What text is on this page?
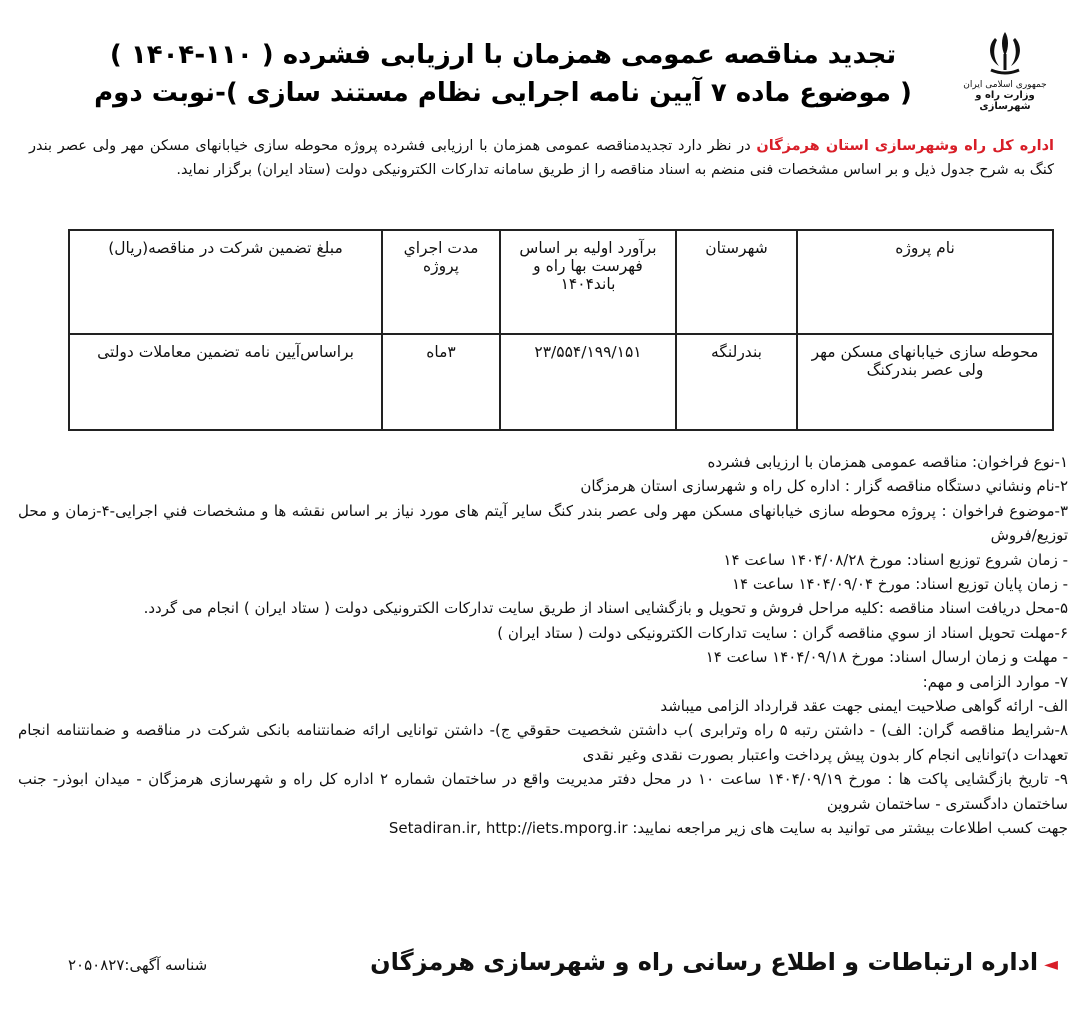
جمهوری اسلامی ایران
وزارت راه و شهرسازی
تجدید مناقصه عمومی همزمان با ارزیابی فشرده ( ۱۱۰-۱۴۰۴ )
( موضوع ماده ۷ آیین نامه اجرایی نظام مستند سازی )-نوبت دوم
اداره کل راه وشهرسازی استان هرمزگان در نظر دارد تجدیدمناقصه عمومی همزمان با ارزیابی فشرده پروژه محوطه سازی خیابانهای مسکن مهر ولی عصر بندر کنگ به شرح جدول ذیل و بر اساس مشخصات فنی منضم به اسناد مناقصه را از طریق سامانه تدارکات الکترونیکی دولت (ستاد ایران) برگزار نماید.
نام پروژه	شهرستان	برآورد اولیه بر اساس فهرست بها راه و باند۱۴۰۴	مدت اجراي پروژه	مبلغ تضمین شرکت در مناقصه(ریال)
محوطه سازی خیابانهای مسکن مهر ولی عصر بندرکنگ	بندرلنگه	۲۳/۵۵۴/۱۹۹/۱۵۱	۳ماه	براساس‌آیین نامه تضمین معاملات دولتی
۱-نوع فراخوان: مناقصه عمومی همزمان با ارزیابی فشرده
۲-نام ونشاني دستگاه مناقصه گزار : اداره کل راه و شهرسازی استان هرمزگان
۳-موضوع فراخوان : پروژه محوطه سازی خیابانهای مسکن مهر ولی عصر بندر کنگ سایر آیتم های مورد نیاز بر اساس نقشه ها و مشخصات فني اجرایی-۴-زمان و محل توزیع/فروش
- زمان شروع توزیع اسناد: مورخ ۱۴۰۴/۰۸/۲۸ ساعت ۱۴
- زمان پایان توزیع اسناد: مورخ ۱۴۰۴/۰۹/۰۴ ساعت ۱۴
۵-محل دریافت اسناد مناقصه :کلیه مراحل فروش و تحویل و بازگشایی اسناد از طریق سایت تدارکات الکترونیکی دولت ( ستاد ایران ) انجام می گردد.
۶-مهلت تحویل اسناد از سوي مناقصه گران : سایت تدارکات الکترونیکی دولت ( ستاد ایران )
- مهلت و زمان ارسال اسناد: مورخ ۱۴۰۴/۰۹/۱۸ ساعت ۱۴
۷- موارد الزامی و مهم:
الف- ارائه گواهی صلاحیت ایمنی جهت عقد قرارداد الزامی میباشد
۸-شرایط مناقصه گران: الف) - داشتن رتبه ۵ راه وترابری )ب داشتن شخصیت حقوقي ج)- داشتن توانایی ارائه ضمانتنامه بانکی شرکت در مناقصه و ضمانتنامه انجام تعهدات د)توانایی انجام کار بدون پیش پرداخت واعتبار بصورت نقدی وغیر نقدی
۹- تاریخ بازگشایی پاکت ها : مورخ ۱۴۰۴/۰۹/۱۹ ساعت ۱۰ در محل دفتر مدیریت واقع در ساختمان شماره ۲ اداره کل راه و شهرسازی هرمزگان - میدان ابوذر- جنب ساختمان دادگستری - ساختمان شروین
جهت کسب اطلاعات بیشتر می توانید به سایت های زیر مراجعه نمایید: Setadiran.ir, http://iets.mporg.ir
◄اداره ارتباطات و اطلاع رسانی راه و شهرسازی هرمزگان
شناسه آگهی:۲۰۵۰۸۲۷
